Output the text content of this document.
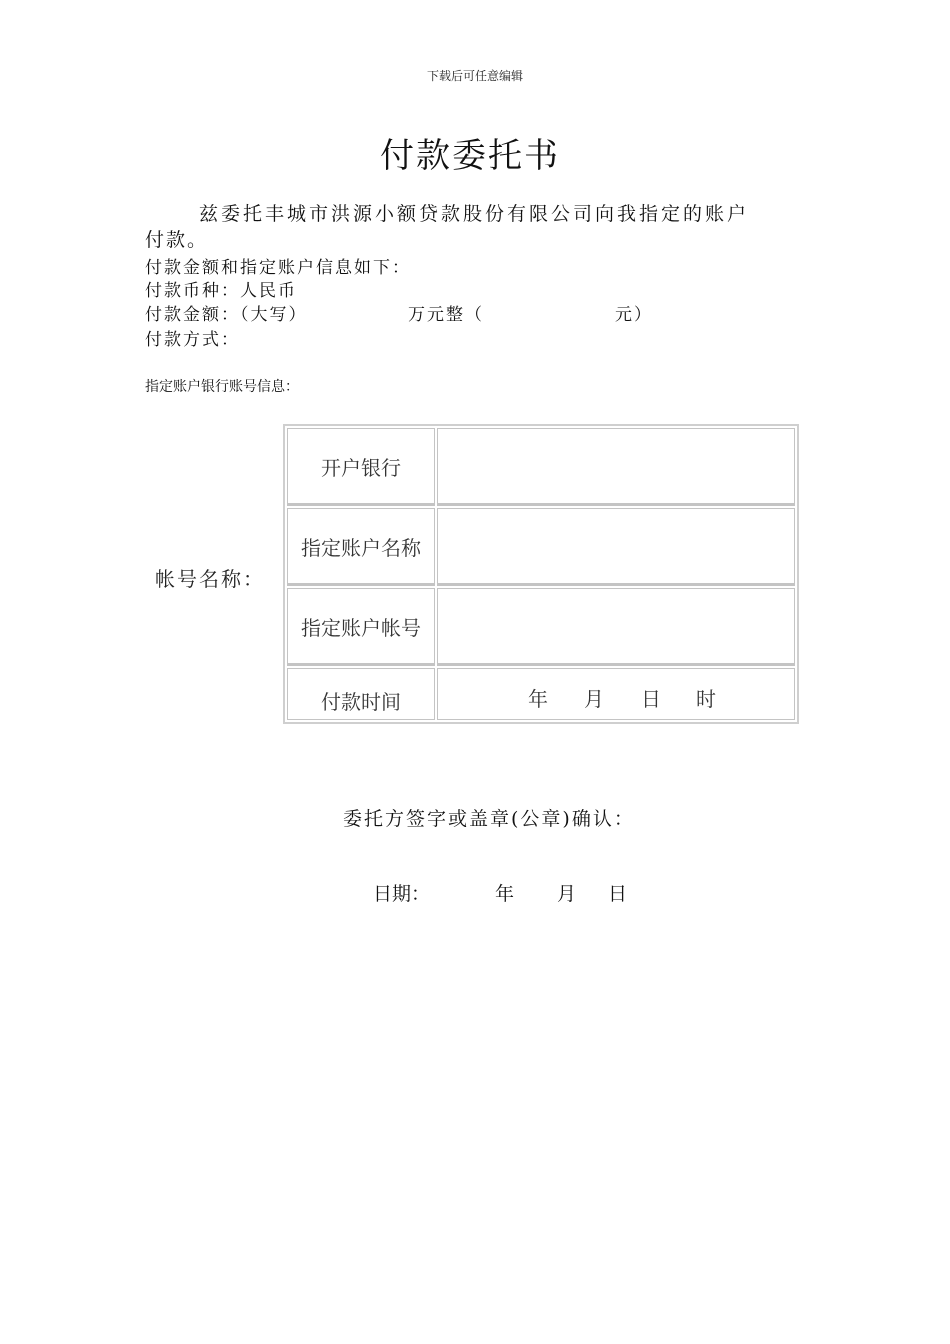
下载后可任意编辑
付款委托书
兹委托丰城市洪源小额贷款股份有限公司向我指定的账户
付款。
付款金额和指定账户信息如下：
付款币种：人民币
付款金额：（大写）	万元整（	元）
付款方式：
指定账户银行账号信息：
帐号名称：
开户银行	
指定账户名称	
指定账户帐号	
付款时间	年 月 日 时
委托方签字或盖章(公章)确认：
日期：	年 月 日
